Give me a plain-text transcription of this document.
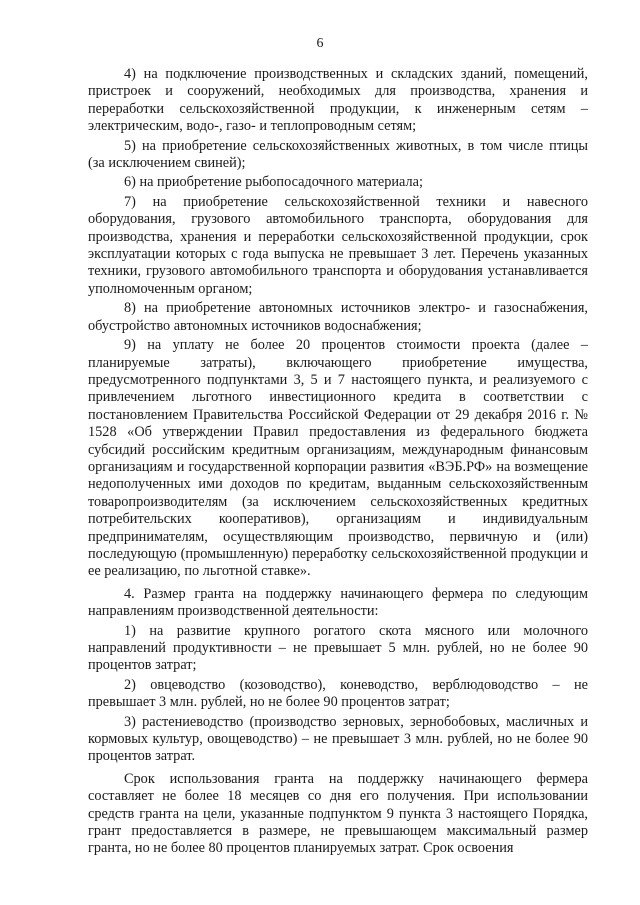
6

4) на подключение производственных и складских зданий, помещений, пристроек и сооружений, необходимых для производства, хранения и переработки сельскохозяйственной продукции, к инженерным сетям – электрическим, водо-, газо- и теплопроводным сетям;

5) на приобретение сельскохозяйственных животных, в том числе птицы (за исключением свиней);

6) на приобретение рыбопосадочного материала;

7) на приобретение сельскохозяйственной техники и навесного оборудования, грузового автомобильного транспорта, оборудования для производства, хранения и переработки сельскохозяйственной продукции, срок эксплуатации которых с года выпуска не превышает 3 лет. Перечень указанных техники, грузового автомобильного транспорта и оборудования устанавливается уполномоченным органом;

8) на приобретение автономных источников электро- и газоснабжения, обустройство автономных источников водоснабжения;

9) на уплату не более 20 процентов стоимости проекта (далее – планируемые затраты), включающего приобретение имущества, предусмотренного подпунктами 3, 5 и 7 настоящего пункта, и реализуемого с привлечением льготного инвестиционного кредита в соответствии с постановлением Правительства Российской Федерации от 29 декабря 2016 г. № 1528 «Об утверждении Правил предоставления из федерального бюджета субсидий российским кредитным организациям, международным финансовым организациям и государственной корпорации развития «ВЭБ.РФ» на возмещение недополученных ими доходов по кредитам, выданным сельскохозяйственным товаропроизводителям (за исключением сельскохозяйственных кредитных потребительских кооперативов), организациям и индивидуальным предпринимателям, осуществляющим производство, первичную и (или) последующую (промышленную) переработку сельскохозяйственной продукции и ее реализацию, по льготной ставке».

4. Размер гранта на поддержку начинающего фермера по следующим направлениям производственной деятельности:

1) на развитие крупного рогатого скота мясного или молочного направлений продуктивности – не превышает 5 млн. рублей, но не более 90 процентов затрат;

2) овцеводство (козоводство), коневодство, верблюдоводство – не превышает 3 млн. рублей, но не более 90 процентов затрат;

3) растениеводство (производство зерновых, зернобобовых, масличных и кормовых культур, овощеводство) – не превышает 3 млн. рублей, но не более 90 процентов затрат.

Срок использования гранта на поддержку начинающего фермера составляет не более 18 месяцев со дня его получения. При использовании средств гранта на цели, указанные подпунктом 9 пункта 3 настоящего Порядка, грант предоставляется в размере, не превышающем максимальный размер гранта, но не более 80 процентов планируемых затрат. Срок освоения
